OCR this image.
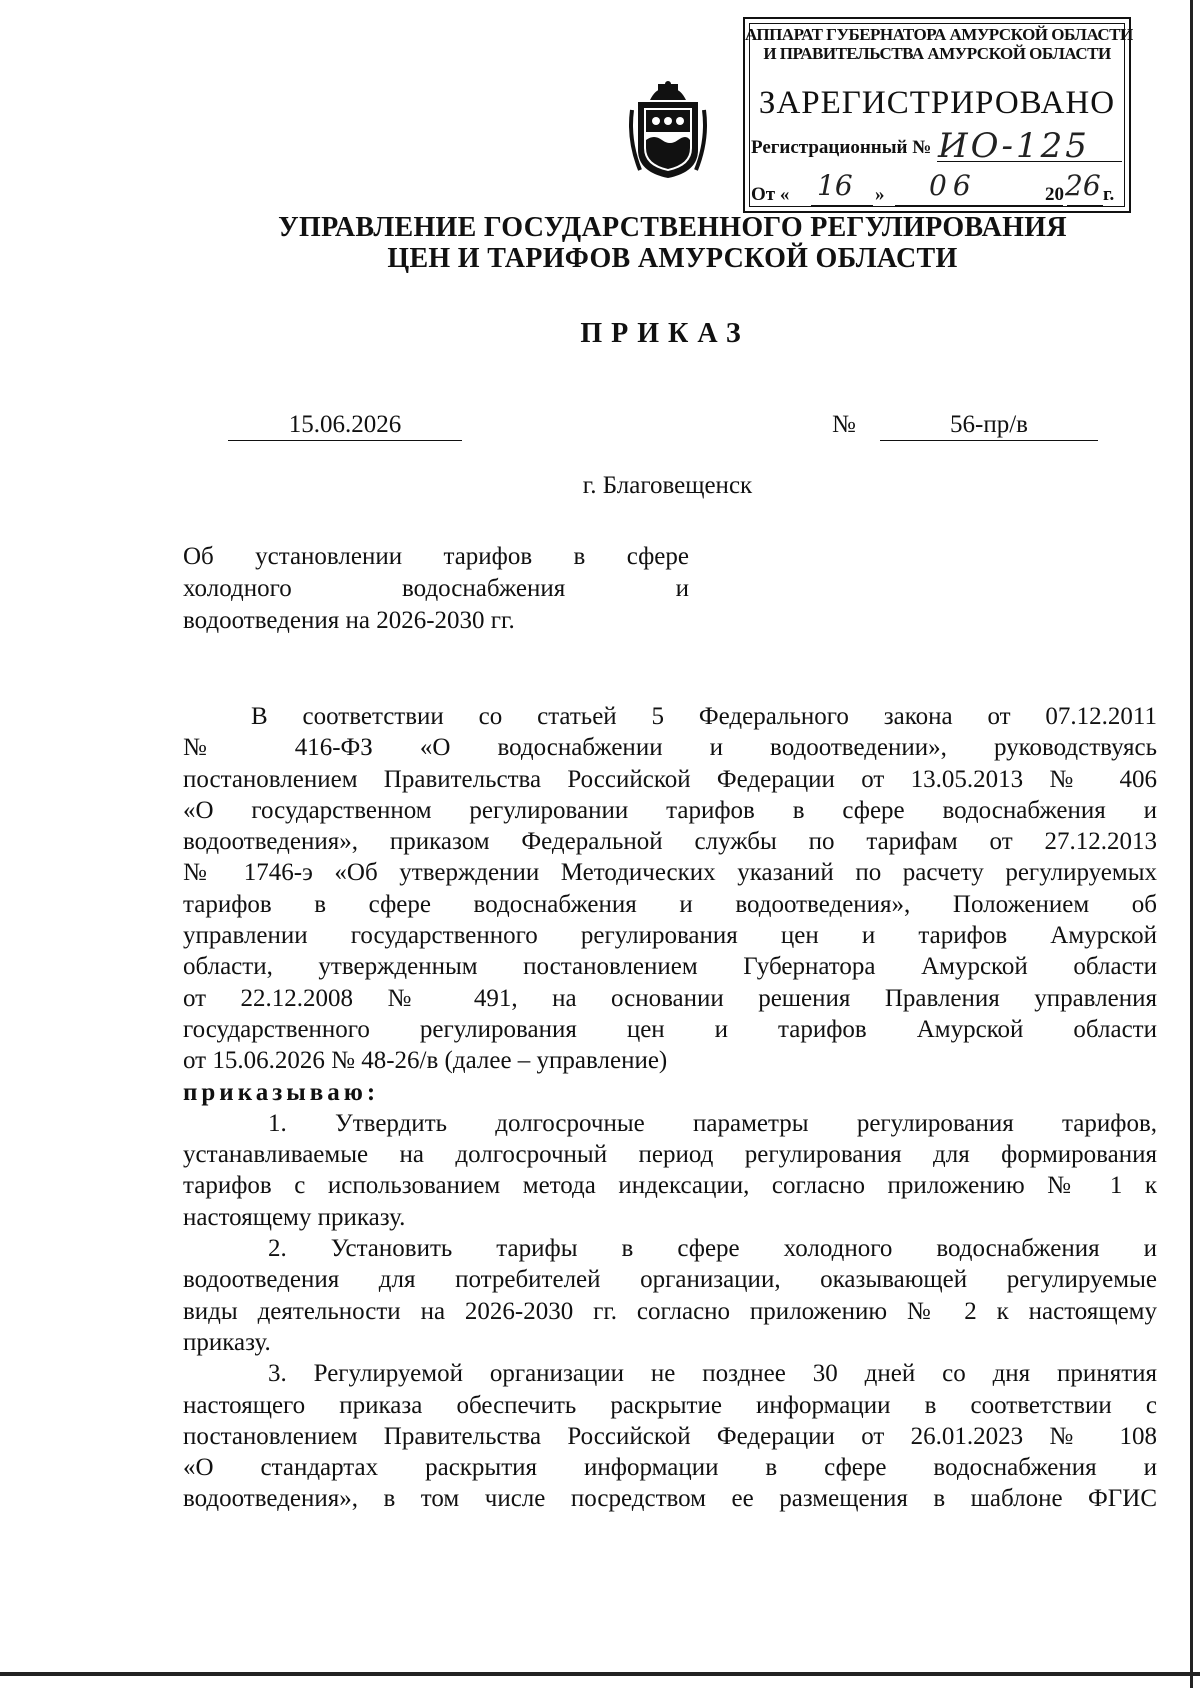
АППАРАТ ГУБЕРНАТОРА АМУРСКОЙ ОБЛАСТИ
И ПРАВИТЕЛЬСТВА АМУРСКОЙ ОБЛАСТИ
ЗАРЕГИСТРИРОВАНО
Регистрационный № ИО-125
От « 16 » 06	20 26 г.
УПРАВЛЕНИЕ ГОСУДАРСТВЕННОГО РЕГУЛИРОВАНИЯ
ЦЕН И ТАРИФОВ АМУРСКОЙ ОБЛАСТИ
ПРИКАЗ
15.06.2026	№	56-пр/в
г. Благовещенск
Об установлении тарифов в сфере
холодного водоснабжения и
водоотведения на 2026-2030 гг.
В соответствии со статьей 5 Федерального закона от 07.12.2011
№ 416-ФЗ «О водоснабжении и водоотведении», руководствуясь
постановлением Правительства Российской Федерации от 13.05.2013 № 406
«О государственном регулировании тарифов в сфере водоснабжения и
водоотведения», приказом Федеральной службы по тарифам от 27.12.2013
№ 1746-э «Об утверждении Методических указаний по расчету регулируемых
тарифов в сфере водоснабжения и водоотведения», Положением об
управлении государственного регулирования цен и тарифов Амурской
области, утвержденным постановлением Губернатора Амурской области
от 22.12.2008 № 491, на основании решения Правления управления
государственного регулирования цен и тарифов Амурской области
от 15.06.2026 № 48-26/в (далее – управление)
приказываю:
1. Утвердить долгосрочные параметры регулирования тарифов,
устанавливаемые на долгосрочный период регулирования для формирования
тарифов с использованием метода индексации, согласно приложению № 1 к
настоящему приказу.
2. Установить тарифы в сфере холодного водоснабжения и
водоотведения для потребителей организации, оказывающей регулируемые
виды деятельности на 2026-2030 гг. согласно приложению № 2 к настоящему
приказу.
3. Регулируемой организации не позднее 30 дней со дня принятия
настоящего приказа обеспечить раскрытие информации в соответствии с
постановлением Правительства Российской Федерации от 26.01.2023 № 108
«О стандартах раскрытия информации в сфере водоснабжения и
водоотведения», в том числе посредством ее размещения в шаблоне ФГИС
